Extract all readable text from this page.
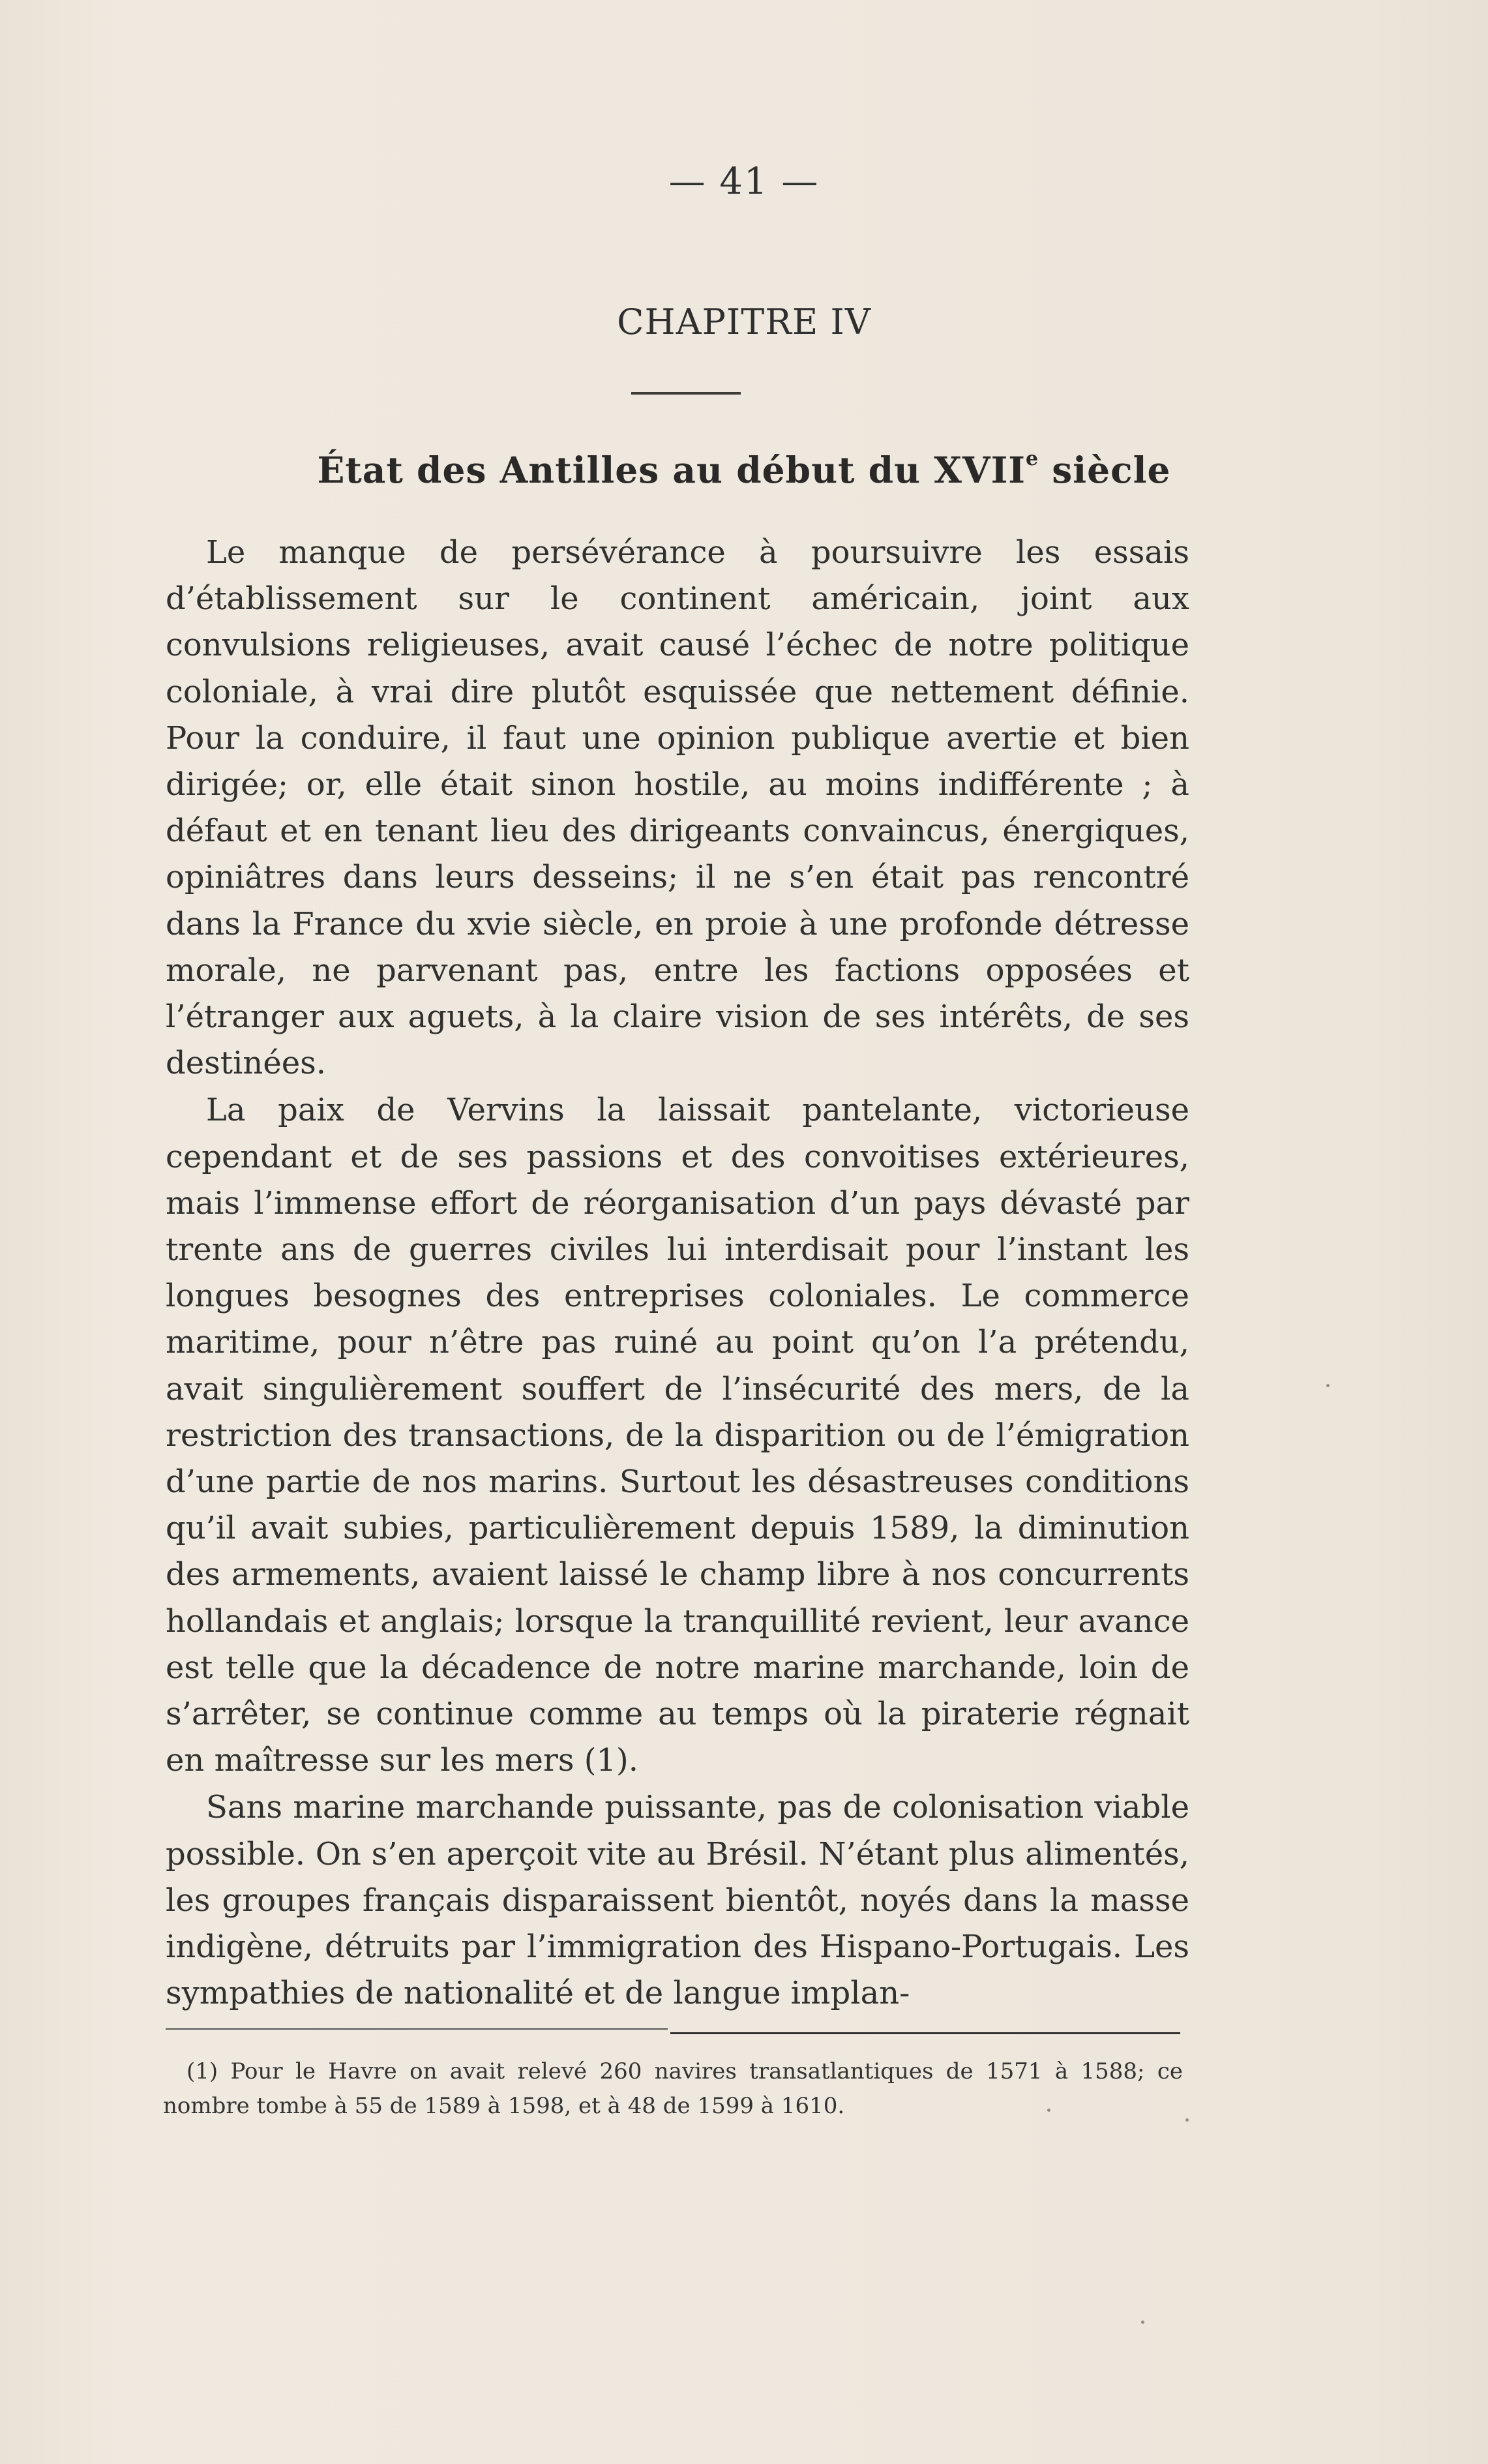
— 41 —
CHAPITRE IV
État des Antilles au début du XVIIe siècle

Le manque de persévérance à poursuivre les essais d’établissement sur le continent américain, joint aux convulsions religieuses, avait causé l’échec de notre politique coloniale, à vrai dire plutôt esquissée que nettement définie. Pour la conduire, il faut une opinion publique avertie et bien dirigée; or, elle était sinon hostile, au moins indifférente ; à défaut et en tenant lieu des dirigeants convaincus, énergiques, opiniâtres dans leurs desseins; il ne s’en était pas rencontré dans la France du xvie siècle, en proie à une profonde détresse morale, ne parvenant pas, entre les factions opposées et l’étranger aux aguets, à la claire vision de ses intérêts, de ses destinées.

La paix de Vervins la laissait pantelante, victorieuse cependant et de ses passions et des convoitises extérieures, mais l’immense effort de réorganisation d’un pays dévasté par trente ans de guerres civiles lui interdisait pour l’instant les longues besognes des entreprises coloniales. Le commerce maritime, pour n’être pas ruiné au point qu’on l’a prétendu, avait singulièrement souffert de l’insécurité des mers, de la restriction des transactions, de la disparition ou de l’émigration d’une partie de nos marins. Surtout les désastreuses conditions qu’il avait subies, particulièrement depuis 1589, la diminution des armements, avaient laissé le champ libre à nos concurrents hollandais et anglais; lorsque la tranquillité revient, leur avance est telle que la décadence de notre marine marchande, loin de s’arrêter, se continue comme au temps où la piraterie régnait en maîtresse sur les mers (1).

Sans marine marchande puissante, pas de colonisation viable possible. On s’en aperçoit vite au Brésil. N’étant plus alimentés, les groupes français disparaissent bientôt, noyés dans la masse indigène, détruits par l’immigration des Hispano-Portugais. Les sympathies de nationalité et de langue implan-

(1) Pour le Havre on avait relevé 260 navires transatlantiques de 1571 à 1588; ce nombre tombe à 55 de 1589 à 1598, et à 48 de 1599 à 1610.
